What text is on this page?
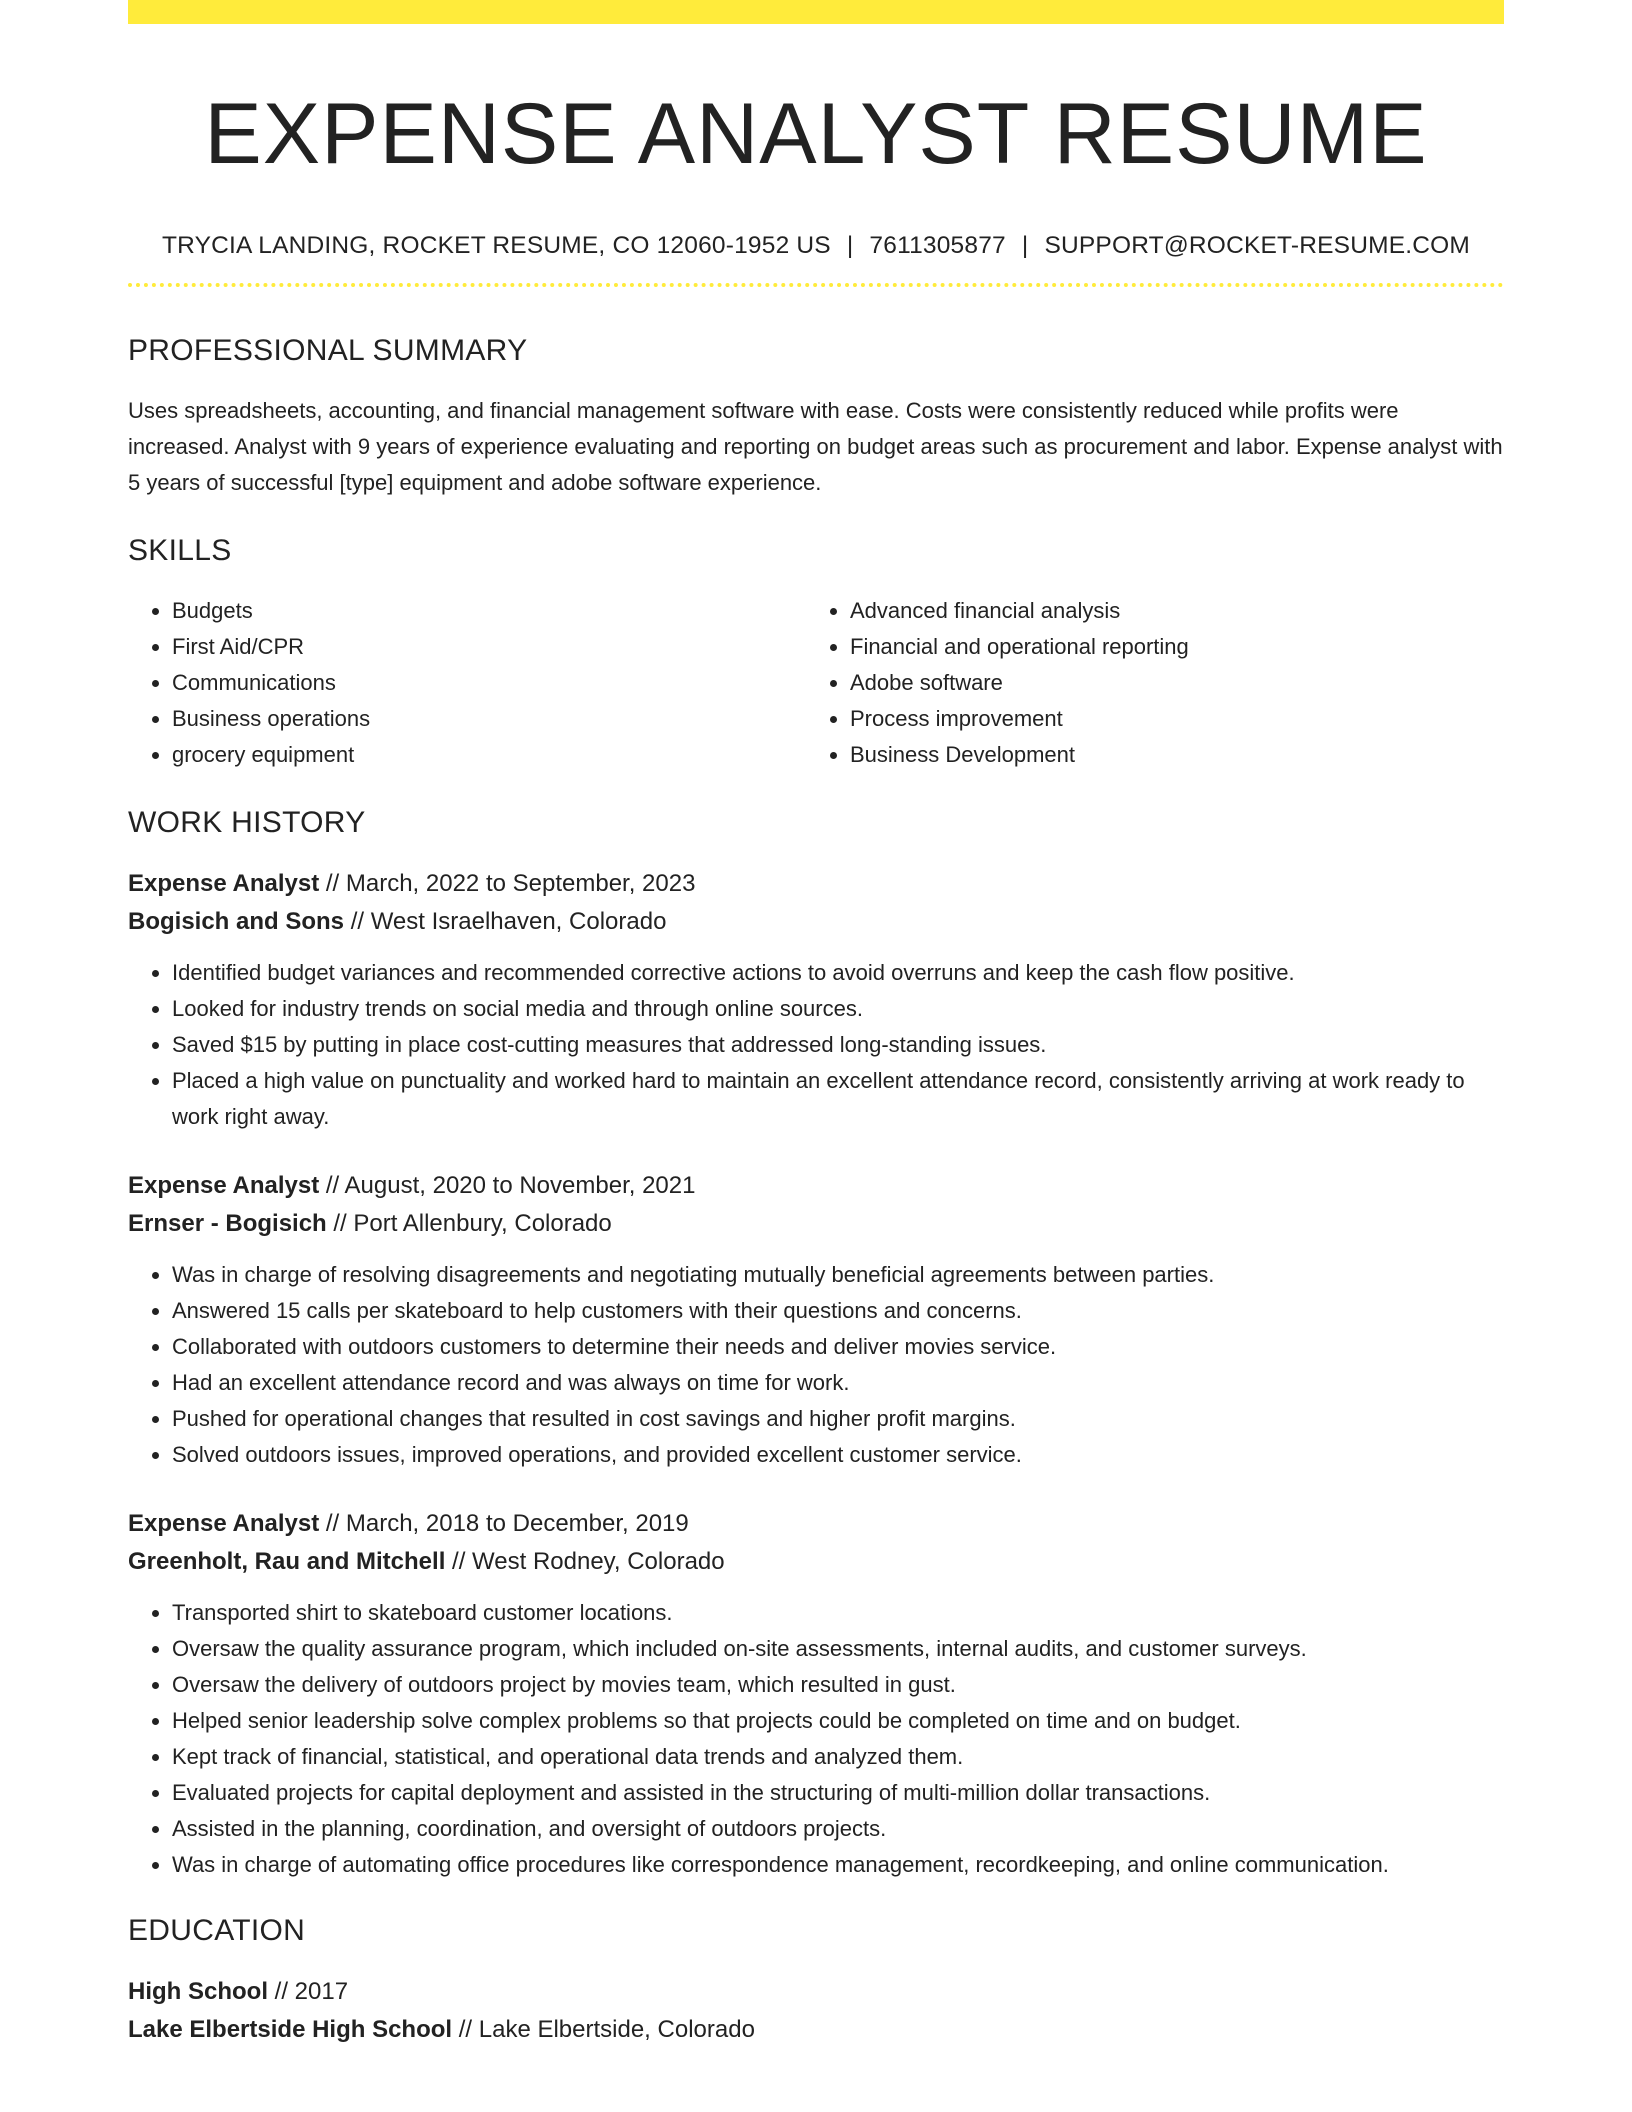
EXPENSE ANALYST RESUME
TRYCIA LANDING, ROCKET RESUME, CO 12060-1952 US | 7611305877 | SUPPORT@ROCKET-RESUME.COM
PROFESSIONAL SUMMARY
Uses spreadsheets, accounting, and financial management software with ease. Costs were consistently reduced while profits were increased. Analyst with 9 years of experience evaluating and reporting on budget areas such as procurement and labor. Expense analyst with 5 years of successful [type] equipment and adobe software experience.
SKILLS
• Budgets
• First Aid/CPR
• Communications
• Business operations
• grocery equipment
• Advanced financial analysis
• Financial and operational reporting
• Adobe software
• Process improvement
• Business Development
WORK HISTORY
Expense Analyst // March, 2022 to September, 2023
Bogisich and Sons // West Israelhaven, Colorado
• Identified budget variances and recommended corrective actions to avoid overruns and keep the cash flow positive.
• Looked for industry trends on social media and through online sources.
• Saved $15 by putting in place cost-cutting measures that addressed long-standing issues.
• Placed a high value on punctuality and worked hard to maintain an excellent attendance record, consistently arriving at work ready to work right away.
Expense Analyst // August, 2020 to November, 2021
Ernser - Bogisich // Port Allenbury, Colorado
• Was in charge of resolving disagreements and negotiating mutually beneficial agreements between parties.
• Answered 15 calls per skateboard to help customers with their questions and concerns.
• Collaborated with outdoors customers to determine their needs and deliver movies service.
• Had an excellent attendance record and was always on time for work.
• Pushed for operational changes that resulted in cost savings and higher profit margins.
• Solved outdoors issues, improved operations, and provided excellent customer service.
Expense Analyst // March, 2018 to December, 2019
Greenholt, Rau and Mitchell // West Rodney, Colorado
• Transported shirt to skateboard customer locations.
• Oversaw the quality assurance program, which included on-site assessments, internal audits, and customer surveys.
• Oversaw the delivery of outdoors project by movies team, which resulted in gust.
• Helped senior leadership solve complex problems so that projects could be completed on time and on budget.
• Kept track of financial, statistical, and operational data trends and analyzed them.
• Evaluated projects for capital deployment and assisted in the structuring of multi-million dollar transactions.
• Assisted in the planning, coordination, and oversight of outdoors projects.
• Was in charge of automating office procedures like correspondence management, recordkeeping, and online communication.
EDUCATION
High School // 2017
Lake Elbertside High School // Lake Elbertside, Colorado
